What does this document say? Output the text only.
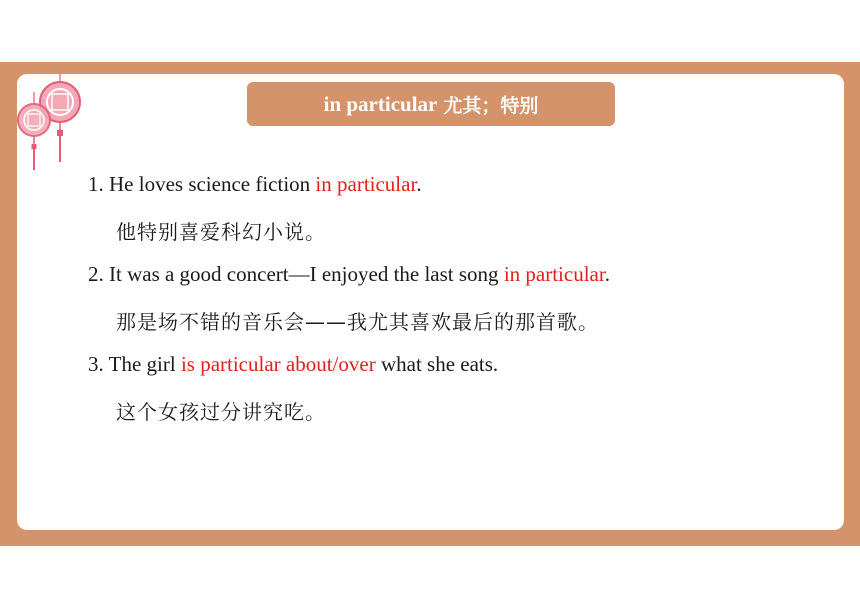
in particular 尤其；特别
1. He loves science fiction in particular.
他特别喜爱科幻小说。
2. It was a good concert—I enjoyed the last song in particular.
那是场不错的音乐会——我尤其喜欢最后的那首歌。
3. The girl is particular about/over what she eats.
这个女孩过分讲究吃。
